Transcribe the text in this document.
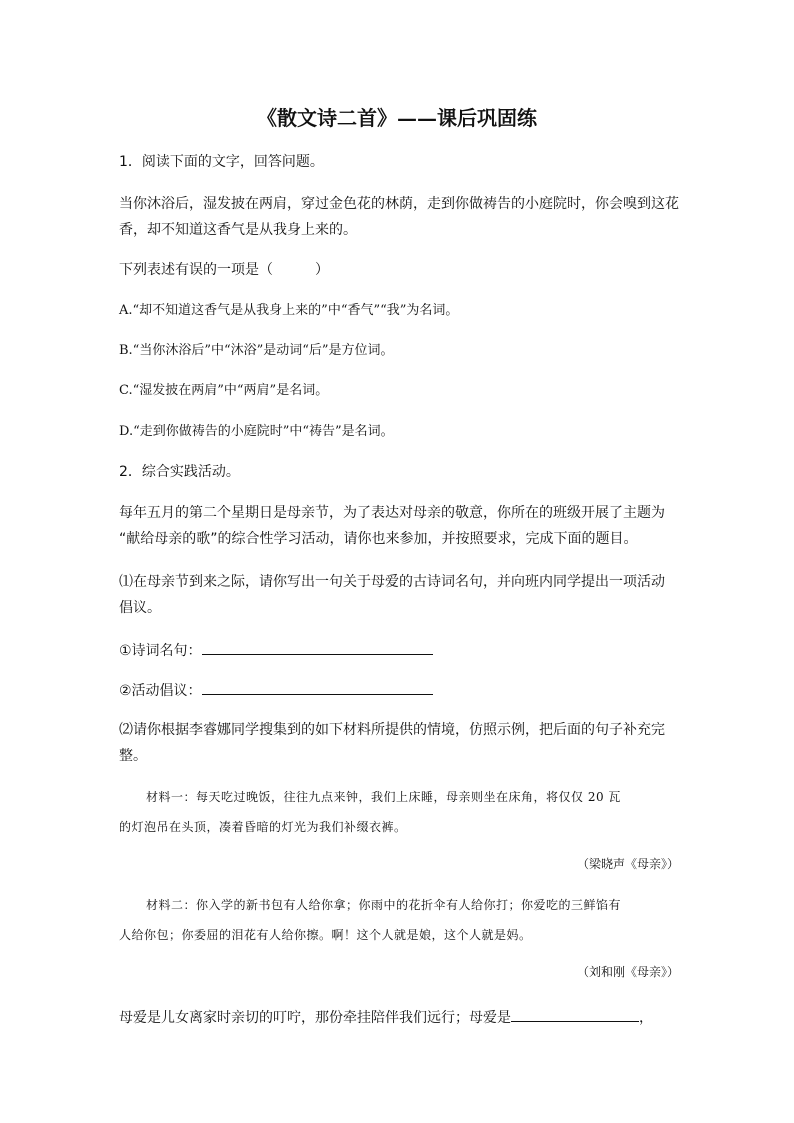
《散文诗二首》——课后巩固练
1．阅读下面的文字，回答问题。
当你沐浴后，湿发披在两肩，穿过金色花的林荫，走到你做祷告的小庭院时，你会嗅到这花
香，却不知道这香气是从我身上来的。
下列表述有误的一项是（　　　）
A.“却不知道这香气是从我身上来的”中“香气”“我”为名词。
B.“当你沐浴后”中“沐浴”是动词“后”是方位词。
C.“湿发披在两肩”中“两肩”是名词。
D.“走到你做祷告的小庭院时”中“祷告”是名词。
2．综合实践活动。
每年五月的第二个星期日是母亲节，为了表达对母亲的敬意，你所在的班级开展了主题为
“献给母亲的歌”的综合性学习活动，请你也来参加，并按照要求，完成下面的题目。
⑴在母亲节到来之际，请你写出一句关于母爱的古诗词名句，并向班内同学提出一项活动
倡议。
①诗词名句：
②活动倡议：
⑵请你根据李睿娜同学搜集到的如下材料所提供的情境，仿照示例，把后面的句子补充完
整。
材料一：每天吃过晚饭，往往九点来钟，我们上床睡，母亲则坐在床角，将仅仅 20 瓦
的灯泡吊在头顶，凑着昏暗的灯光为我们补缀衣裤。
（梁晓声《母亲》）
材料二：你入学的新书包有人给你拿；你雨中的花折伞有人给你打；你爱吃的三鲜馅有
人给你包；你委屈的泪花有人给你擦。啊！这个人就是娘，这个人就是妈。
（刘和刚《母亲》）
母爱是儿女离家时亲切的叮咛，那份牵挂陪伴我们远行；母爱是	，
